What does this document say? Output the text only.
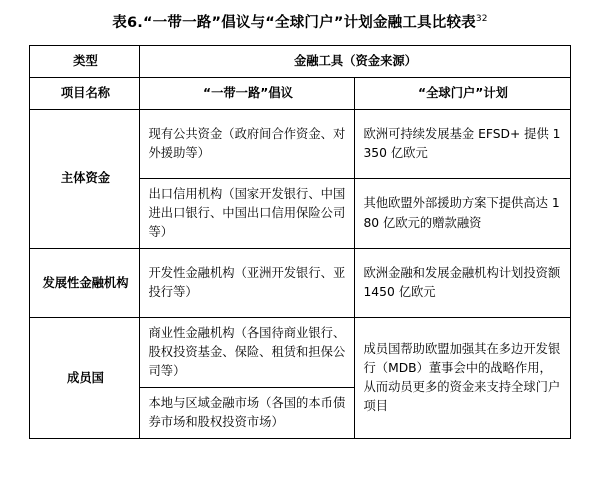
表6.“一带一路”倡议与“全球门户”计划金融工具比较表$^{32}$
类型	金融工具（资金来源）	
项目名称	“一带一路”倡议	“全球门户”计划
主体资金	现有公共资金（政府间合作资金、对外援助等）	欧洲可持续发展基金 EFSD+ 提供 1350 亿欧元
	出口信用机构（国家开发银行、中国进出口银行、中国出口信用保险公司等）	其他欧盟外部援助方案下提供高达 180 亿欧元的赠款融资
发展性金融机构	开发性金融机构（亚洲开发银行、亚投行等）	欧洲金融和发展金融机构计划投资额 1450 亿欧元
成员国	商业性金融机构（各国待商业银行、股权投资基金、保险、租赁和担保公司等）	成员国帮助欧盟加强其在多边开发银行（MDB）董事会中的战略作用，从而动员更多的资金来支持全球门户项目
	本地与区域金融市场（各国的本币债券市场和股权投资市场）	
